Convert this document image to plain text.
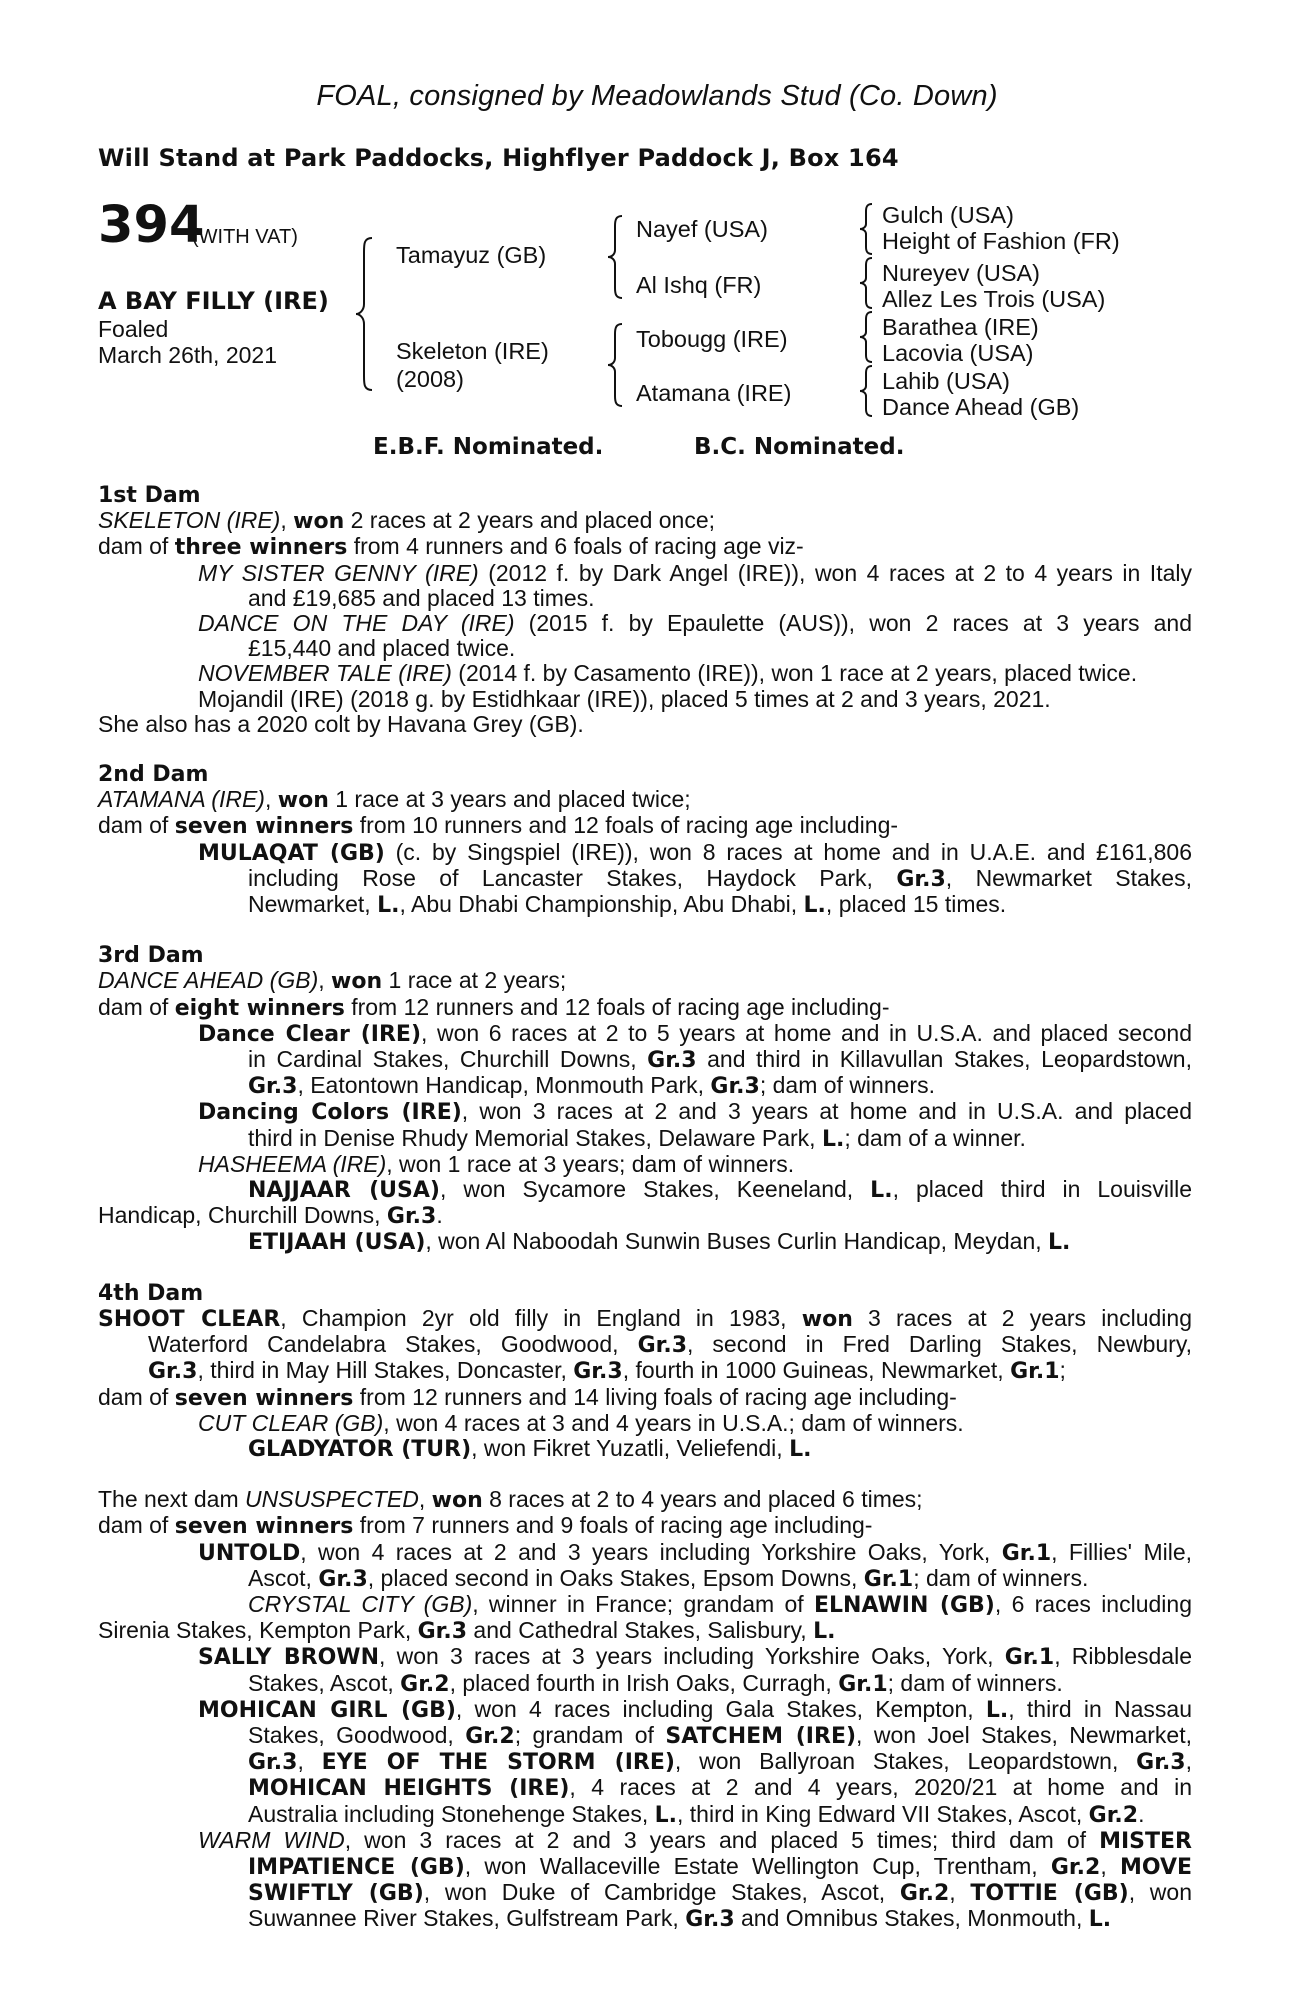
FOAL, consigned by Meadowlands Stud (Co. Down)
Will Stand at Park Paddocks, Highflyer Paddock J, Box 164
394
(WITH VAT)
A BAY FILLY (IRE)
Foaled
March 26th, 2021
Tamayuz (GB)
Skeleton (IRE)
(2008)
Nayef (USA)
Al Ishq (FR)
Tobougg (IRE)
Atamana (IRE)
Gulch (USA)
Height of Fashion (FR)
Nureyev (USA)
Allez Les Trois (USA)
Barathea (IRE)
Lacovia (USA)
Lahib (USA)
Dance Ahead (GB)
E.B.F. Nominated.	B.C. Nominated.
1st Dam
SKELETON (IRE), won 2 races at 2 years and placed once;
dam of three winners from 4 runners and 6 foals of racing age viz-
MY SISTER GENNY (IRE) (2012 f. by Dark Angel (IRE)), won 4 races at 2 to 4 years in Italy
and £19,685 and placed 13 times.
DANCE ON THE DAY (IRE) (2015 f. by Epaulette (AUS)), won 2 races at 3 years and
£15,440 and placed twice.
NOVEMBER TALE (IRE) (2014 f. by Casamento (IRE)), won 1 race at 2 years, placed twice.
Mojandil (IRE) (2018 g. by Estidhkaar (IRE)), placed 5 times at 2 and 3 years, 2021.
She also has a 2020 colt by Havana Grey (GB).
2nd Dam
ATAMANA (IRE), won 1 race at 3 years and placed twice;
dam of seven winners from 10 runners and 12 foals of racing age including-
MULAQAT (GB) (c. by Singspiel (IRE)), won 8 races at home and in U.A.E. and £161,806
including Rose of Lancaster Stakes, Haydock Park, Gr.3, Newmarket Stakes,
Newmarket, L., Abu Dhabi Championship, Abu Dhabi, L., placed 15 times.
3rd Dam
DANCE AHEAD (GB), won 1 race at 2 years;
dam of eight winners from 12 runners and 12 foals of racing age including-
Dance Clear (IRE), won 6 races at 2 to 5 years at home and in U.S.A. and placed second
in Cardinal Stakes, Churchill Downs, Gr.3 and third in Killavullan Stakes, Leopardstown,
Gr.3, Eatontown Handicap, Monmouth Park, Gr.3; dam of winners.
Dancing Colors (IRE), won 3 races at 2 and 3 years at home and in U.S.A. and placed
third in Denise Rhudy Memorial Stakes, Delaware Park, L.; dam of a winner.
HASHEEMA (IRE), won 1 race at 3 years; dam of winners.
NAJJAAR (USA), won Sycamore Stakes, Keeneland, L., placed third in Louisville
Handicap, Churchill Downs, Gr.3.
ETIJAAH (USA), won Al Naboodah Sunwin Buses Curlin Handicap, Meydan, L.
4th Dam
SHOOT CLEAR, Champion 2yr old filly in England in 1983, won 3 races at 2 years including
Waterford Candelabra Stakes, Goodwood, Gr.3, second in Fred Darling Stakes, Newbury,
Gr.3, third in May Hill Stakes, Doncaster, Gr.3, fourth in 1000 Guineas, Newmarket, Gr.1;
dam of seven winners from 12 runners and 14 living foals of racing age including-
CUT CLEAR (GB), won 4 races at 3 and 4 years in U.S.A.; dam of winners.
GLADYATOR (TUR), won Fikret Yuzatli, Veliefendi, L.
The next dam UNSUSPECTED, won 8 races at 2 to 4 years and placed 6 times;
dam of seven winners from 7 runners and 9 foals of racing age including-
UNTOLD, won 4 races at 2 and 3 years including Yorkshire Oaks, York, Gr.1, Fillies' Mile,
Ascot, Gr.3, placed second in Oaks Stakes, Epsom Downs, Gr.1; dam of winners.
CRYSTAL CITY (GB), winner in France; grandam of ELNAWIN (GB), 6 races including
Sirenia Stakes, Kempton Park, Gr.3 and Cathedral Stakes, Salisbury, L.
SALLY BROWN, won 3 races at 3 years including Yorkshire Oaks, York, Gr.1, Ribblesdale
Stakes, Ascot, Gr.2, placed fourth in Irish Oaks, Curragh, Gr.1; dam of winners.
MOHICAN GIRL (GB), won 4 races including Gala Stakes, Kempton, L., third in Nassau
Stakes, Goodwood, Gr.2; grandam of SATCHEM (IRE), won Joel Stakes, Newmarket,
Gr.3, EYE OF THE STORM (IRE), won Ballyroan Stakes, Leopardstown, Gr.3,
MOHICAN HEIGHTS (IRE), 4 races at 2 and 4 years, 2020/21 at home and in
Australia including Stonehenge Stakes, L., third in King Edward VII Stakes, Ascot, Gr.2.
WARM WIND, won 3 races at 2 and 3 years and placed 5 times; third dam of MISTER
IMPATIENCE (GB), won Wallaceville Estate Wellington Cup, Trentham, Gr.2, MOVE
SWIFTLY (GB), won Duke of Cambridge Stakes, Ascot, Gr.2, TOTTIE (GB), won
Suwannee River Stakes, Gulfstream Park, Gr.3 and Omnibus Stakes, Monmouth, L.
